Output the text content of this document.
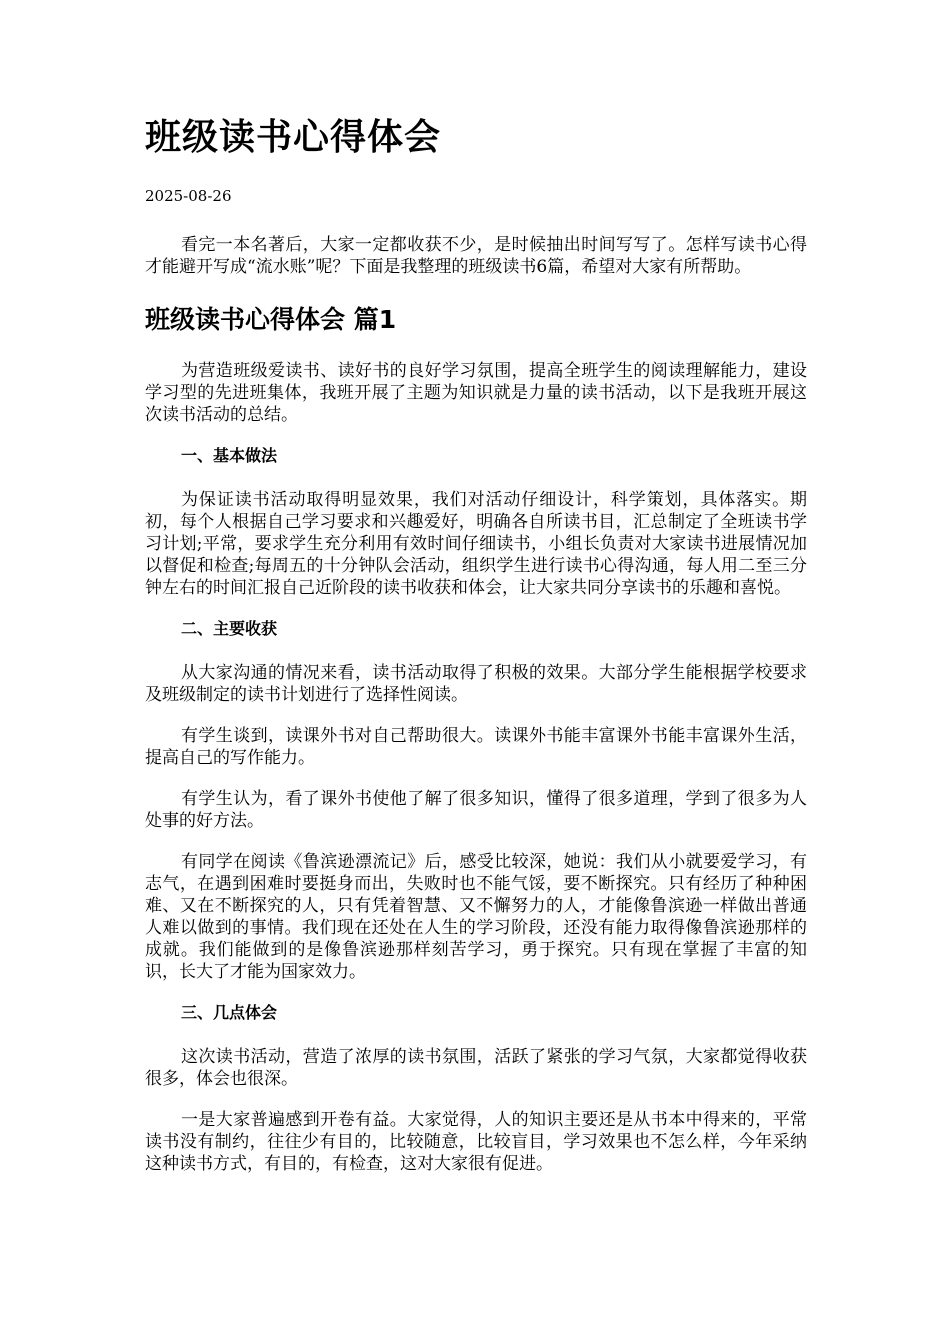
班级读书心得体会
2025-08-26

看完一本名著后，大家一定都收获不少，是时候抽出时间写写了。怎样写读书心得才能避开写成“流水账”呢？下面是我整理的班级读书6篇，希望对大家有所帮助。

班级读书心得体会 篇1

为营造班级爱读书、读好书的良好学习氛围，提高全班学生的阅读理解能力，建设学习型的先进班集体，我班开展了主题为知识就是力量的读书活动，以下是我班开展这次读书活动的总结。

一、基本做法

为保证读书活动取得明显效果，我们对活动仔细设计，科学策划，具体落实。期初，每个人根据自己学习要求和兴趣爱好，明确各自所读书目，汇总制定了全班读书学习计划;平常，要求学生充分利用有效时间仔细读书，小组长负责对大家读书进展情况加以督促和检查;每周五的十分钟队会活动，组织学生进行读书心得沟通，每人用二至三分钟左右的时间汇报自己近阶段的读书收获和体会，让大家共同分享读书的乐趣和喜悦。

二、主要收获

从大家沟通的情况来看，读书活动取得了积极的效果。大部分学生能根据学校要求及班级制定的读书计划进行了选择性阅读。

有学生谈到，读课外书对自己帮助很大。读课外书能丰富课外书能丰富课外生活，提高自己的写作能力。

有学生认为，看了课外书使他了解了很多知识，懂得了很多道理，学到了很多为人处事的好方法。

有同学在阅读《鲁滨逊漂流记》后，感受比较深，她说：我们从小就要爱学习，有志气，在遇到困难时要挺身而出，失败时也不能气馁，要不断探究。只有经历了种种困难、又在不断探究的人，只有凭着智慧、又不懈努力的人，才能像鲁滨逊一样做出普通人难以做到的事情。我们现在还处在人生的学习阶段，还没有能力取得像鲁滨逊那样的成就。我们能做到的是像鲁滨逊那样刻苦学习，勇于探究。只有现在掌握了丰富的知识，长大了才能为国家效力。

三、几点体会

这次读书活动，营造了浓厚的读书氛围，活跃了紧张的学习气氛，大家都觉得收获很多，体会也很深。

一是大家普遍感到开卷有益。大家觉得，人的知识主要还是从书本中得来的，平常读书没有制约，往往少有目的，比较随意，比较盲目，学习效果也不怎么样，今年采纳这种读书方式，有目的，有检查，这对大家很有促进。
